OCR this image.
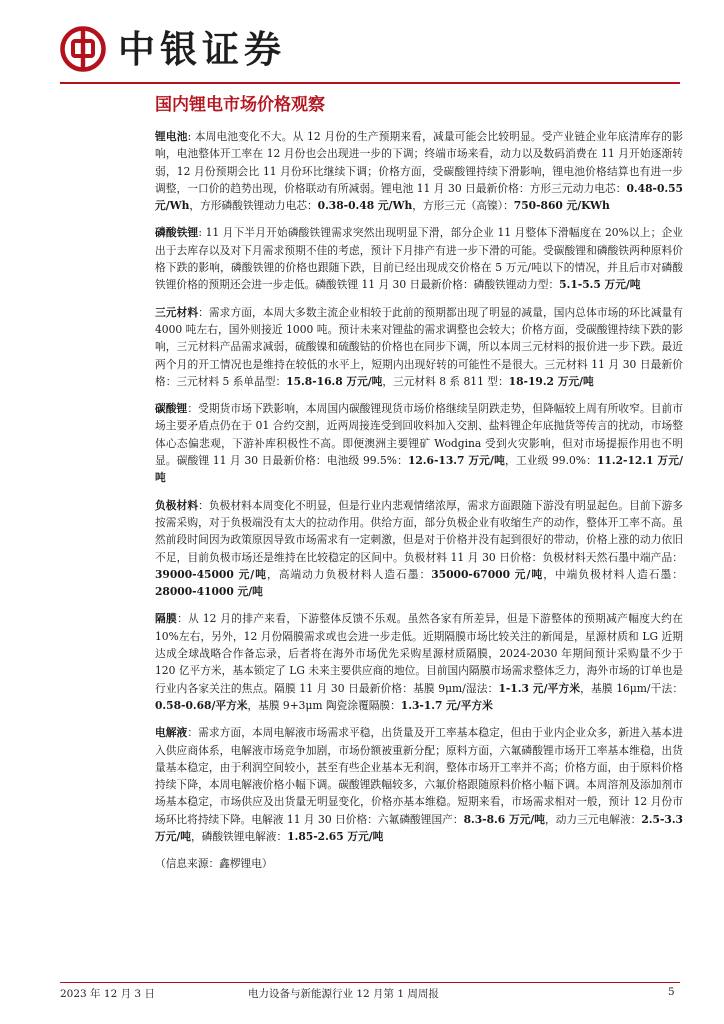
中银证券
国内锂电市场价格观察

锂电池: 本周电池变化不大。从 12 月份的生产预期来看，减量可能会比较明显。受产业链企业年底清库存的影响，电池整体开工率在 12 月份也会出现进一步的下调；终端市场来看，动力以及数码消费在 11 月开始逐渐转弱，12 月份预期会比 11 月份环比继续下调；价格方面，受碳酸锂持续下滑影响，锂电池价格结算也有进一步调整，一口价的趋势出现，价格联动有所减弱。锂电池 11 月 30 日最新价格：方形三元动力电芯：0.48-0.55 元/Wh，方形磷酸铁锂动力电芯：0.38-0.48 元/Wh，方形三元（高镍）：750-860 元/KWh

磷酸铁锂: 11 月下半月开始磷酸铁锂需求突然出现明显下滑，部分企业 11 月整体下滑幅度在 20%以上；企业出于去库存以及对下月需求预期不佳的考虑，预计下月排产有进一步下滑的可能。受碳酸锂和磷酸铁两种原料价格下跌的影响，磷酸铁锂的价格也跟随下跌，目前已经出现成交价格在 5 万元/吨以下的情况，并且后市对磷酸铁锂价格的预期还会进一步走低。磷酸铁锂 11 月 30 日最新价格：磷酸铁锂动力型：5.1-5.5 万元/吨

三元材料：需求方面，本周大多数主流企业相较于此前的预期都出现了明显的减量，国内总体市场的环比减量有 4000 吨左右，国外则接近 1000 吨。预计未来对锂盐的需求调整也会较大；价格方面，受碳酸锂持续下跌的影响，三元材料产品需求减弱，硫酸镍和硫酸钴的价格也在同步下调，所以本周三元材料的报价进一步下跌。最近两个月的开工情况也是维持在较低的水平上，短期内出现好转的可能性不是很大。三元材料 11 月 30 日最新价格：三元材料 5 系单晶型：15.8-16.8 万元/吨，三元材料 8 系 811 型：18-19.2 万元/吨

碳酸锂：受期货市场下跌影响，本周国内碳酸锂现货市场价格继续呈阴跌走势，但降幅较上周有所收窄。目前市场主要矛盾点仍在于 01 合约交割，近两周接连受到回收料加入交割、盐料锂企年底抛货等传言的扰动，市场整体心态偏悲观，下游补库积极性不高。即便澳洲主要锂矿 Wodgina 受到火灾影响，但对市场提振作用也不明显。碳酸锂 11 月 30 日最新价格：电池级 99.5%：12.6-13.7 万元/吨，工业级 99.0%：11.2-12.1 万元/吨

负极材料：负极材料本周变化不明显，但是行业内悲观情绪浓厚，需求方面跟随下游没有明显起色。目前下游多按需采购，对于负极端没有太大的拉动作用。供给方面，部分负极企业有收缩生产的动作，整体开工率不高。虽然前段时间因为政策原因导致市场需求有一定刺激，但是对于价格并没有起到很好的带动，价格上涨的动力依旧不足，目前负极市场还是维持在比较稳定的区间中。负极材料 11 月 30 日价格：负极材料天然石墨中端产品：39000-45000 元/吨，高端动力负极材料人造石墨：35000-67000 元/吨，中端负极材料人造石墨：28000-41000 元/吨

隔膜：从 12 月的排产来看，下游整体反馈不乐观。虽然各家有所差异，但是下游整体的预期减产幅度大约在 10%左右，另外，12 月份隔膜需求或也会进一步走低。近期隔膜市场比较关注的新闻是，星源材质和 LG 近期达成全球战略合作备忘录，后者将在海外市场优先采购星源材质隔膜，2024-2030 年期间预计采购量不少于 120 亿平方米，基本锁定了 LG 未来主要供应商的地位。目前国内隔膜市场需求整体乏力，海外市场的订单也是行业内各家关注的焦点。隔膜 11 月 30 日最新价格：基膜 9μm/湿法：1-1.3 元/平方米，基膜 16μm/干法：0.58-0.68/平方米，基膜 9+3μm 陶瓷涂覆隔膜：1.3-1.7 元/平方米

电解液：需求方面，本周电解液市场需求平稳，出货量及开工率基本稳定，但由于业内企业众多，新进入基本进入供应商体系，电解液市场竞争加剧，市场份额被重新分配；原料方面，六氟磷酸锂市场开工率基本维稳，出货量基本稳定，由于利润空间较小，甚至有些企业基本无利润，整体市场开工率并不高；价格方面，由于原料价格持续下降，本周电解液价格小幅下调。碳酸锂跌幅较多，六氟价格跟随原料价格小幅下调。本周溶剂及添加剂市场基本稳定，市场供应及出货量无明显变化，价格亦基本维稳。短期来看，市场需求相对一般，预计 12 月份市场环比将持续下降。电解液 11 月 30 日价格：六氟磷酸锂国产：8.3-8.6 万元/吨，动力三元电解液：2.5-3.3 万元/吨，磷酸铁锂电解液：1.85-2.65 万元/吨

（信息来源：鑫椤锂电）
2023 年 12 月 3 日	电力设备与新能源行业 12 月第 1 周周报	5
